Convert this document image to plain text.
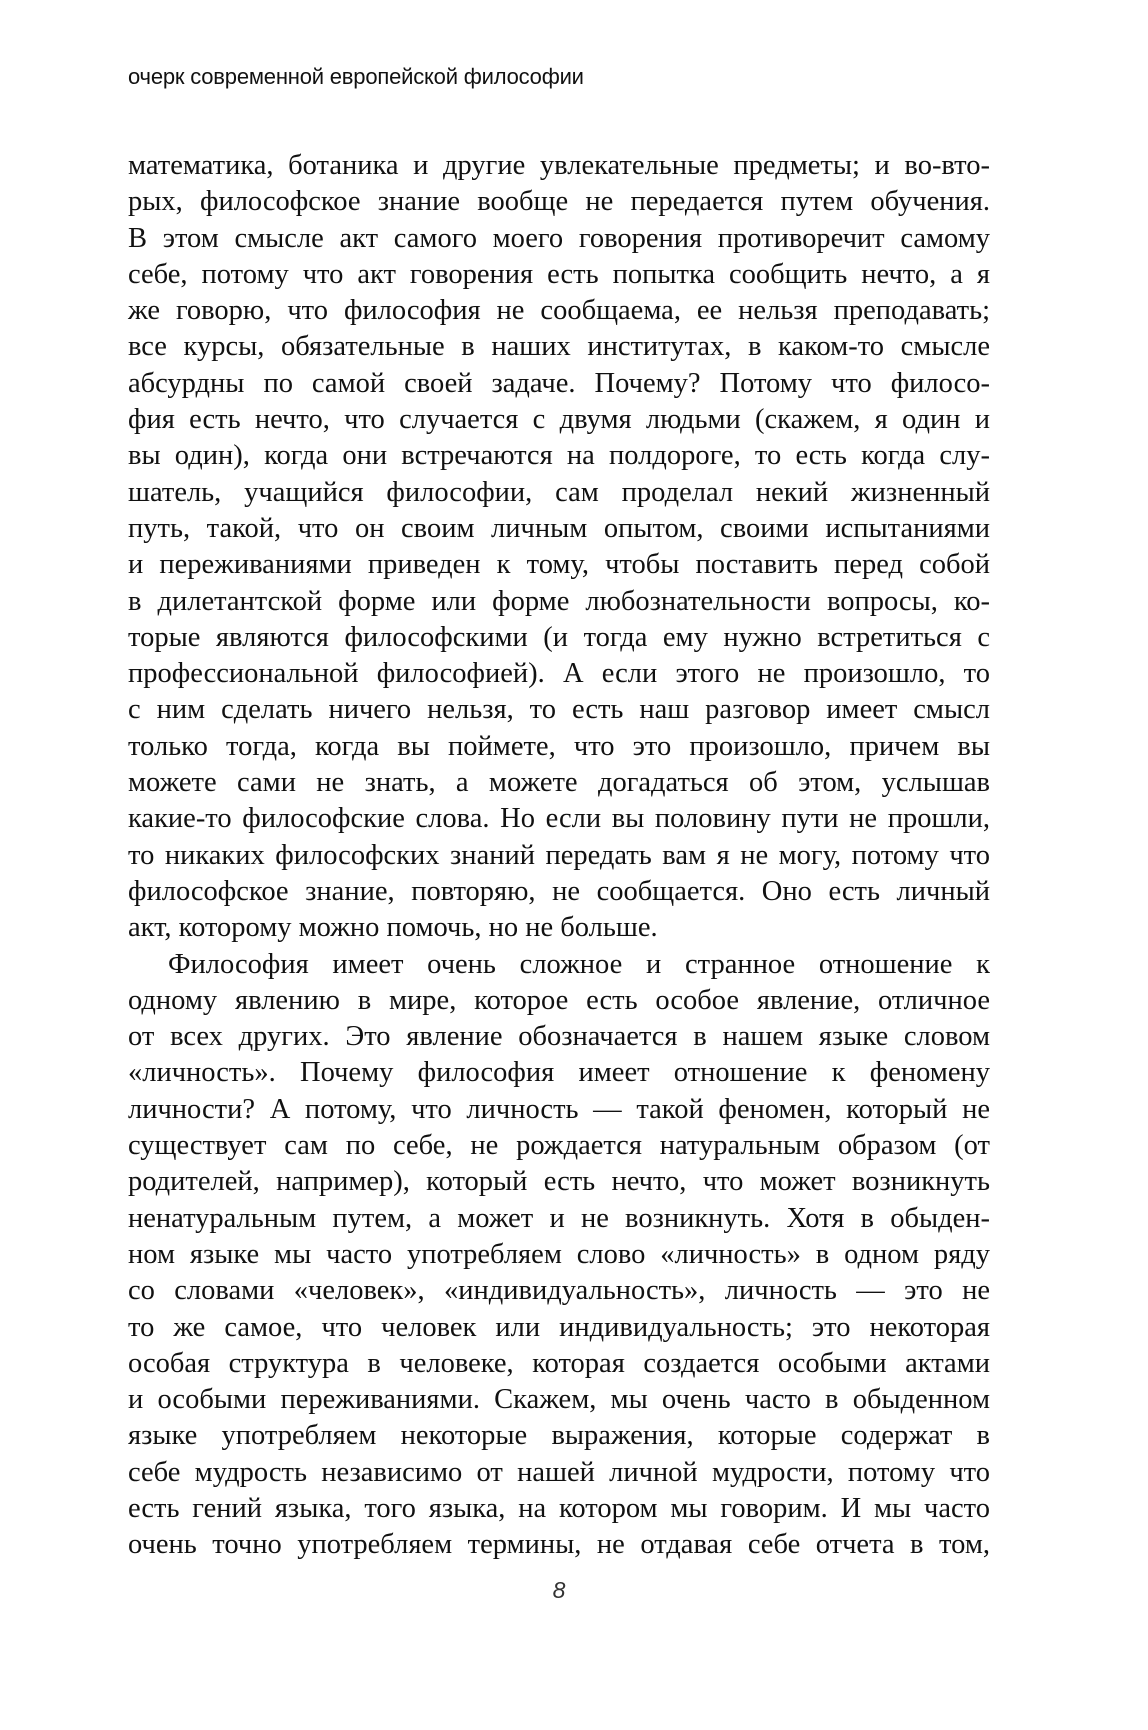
очерк современной европейской философии
математика, ботаника и другие увлекательные предметы; и во-вто-
рых, философское знание вообще не передается путем обучения.
В этом смысле акт самого моего говорения противоречит самому
себе, потому что акт говорения есть попытка сообщить нечто, а я
же говорю, что философия не сообщаема, ее нельзя преподавать;
все курсы, обязательные в наших институтах, в каком-то смысле
абсурдны по самой своей задаче. Почему? Потому что филосо-
фия есть нечто, что случается с двумя людьми (скажем, я один и
вы один), когда они встречаются на полдороге, то есть когда слу-
шатель, учащийся философии, сам проделал некий жизненный
путь, такой, что он своим личным опытом, своими испытаниями
и переживаниями приведен к тому, чтобы поставить перед собой
в дилетантской форме или форме любознательности вопросы, ко-
торые являются философскими (и тогда ему нужно встретиться с
профессиональной философией). А если этого не произошло, то
с ним сделать ничего нельзя, то есть наш разговор имеет смысл
только тогда, когда вы поймете, что это произошло, причем вы
можете сами не знать, а можете догадаться об этом, услышав
какие-то философские слова. Но если вы половину пути не прошли,
то никаких философских знаний передать вам я не могу, потому что
философское знание, повторяю, не сообщается. Оно есть личный
акт, которому можно помочь, но не больше.
Философия имеет очень сложное и странное отношение к
одному явлению в мире, которое есть особое явление, отличное
от всех других. Это явление обозначается в нашем языке словом
«личность». Почему философия имеет отношение к феномену
личности? А потому, что личность — такой феномен, который не
существует сам по себе, не рождается натуральным образом (от
родителей, например), который есть нечто, что может возникнуть
ненатуральным путем, а может и не возникнуть. Хотя в обыден-
ном языке мы часто употребляем слово «личность» в одном ряду
со словами «человек», «индивидуальность», личность — это не
то же самое, что человек или индивидуальность; это некоторая
особая структура в человеке, которая создается особыми актами
и особыми переживаниями. Скажем, мы очень часто в обыденном
языке употребляем некоторые выражения, которые содержат в
себе мудрость независимо от нашей личной мудрости, потому что
есть гений языка, того языка, на котором мы говорим. И мы часто
очень точно употребляем термины, не отдавая себе отчета в том,
8
